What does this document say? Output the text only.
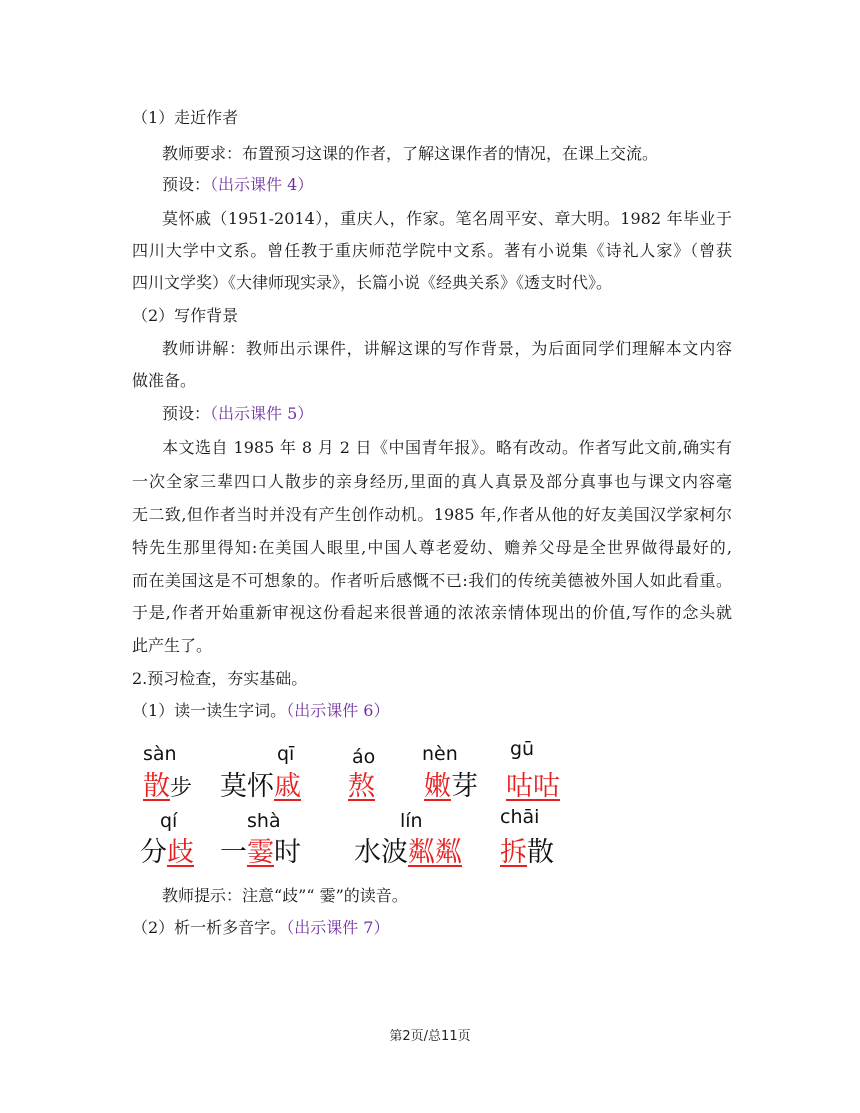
（1）走近作者
教师要求：布置预习这课的作者，了解这课作者的情况，在课上交流。
预设：（出示课件 4）
莫怀戚（1951-2014），重庆人，作家。笔名周平安、章大明。1982 年毕业于
四川大学中文系。曾任教于重庆师范学院中文系。著有小说集《诗礼人家》（曾获
四川文学奖）《大律师现实录》，长篇小说《经典关系》《透支时代》。
（2）写作背景
教师讲解：教师出示课件，讲解这课的写作背景，为后面同学们理解本文内容
做准备。
预设：（出示课件 5）
本文选自 1985 年 8 月 2 日《中国青年报》。略有改动。作者写此文前,确实有
一次全家三辈四口人散步的亲身经历,里面的真人真景及部分真事也与课文内容毫
无二致,但作者当时并没有产生创作动机。1985 年,作者从他的好友美国汉学家柯尔
特先生那里得知:在美国人眼里,中国人尊老爱幼、赡养父母是全世界做得最好的,
而在美国这是不可想象的。作者听后感慨不已:我们的传统美德被外国人如此看重。
于是,作者开始重新审视这份看起来很普通的浓浓亲情体现出的价值,写作的念头就
此产生了。
2.预习检查，夯实基础。
（1）读一读生字词。（出示课件 6）
sàn
散步
qī
莫怀戚
áo
熬
nèn
嫩芽
gū
咕咕
qí
分歧
shà
一霎时
lín
水波粼粼
chāi
拆散
教师提示：注意“歧”“ 霎”的读音。
（2）析一析多音字。（出示课件 7）
第2页/总11页
